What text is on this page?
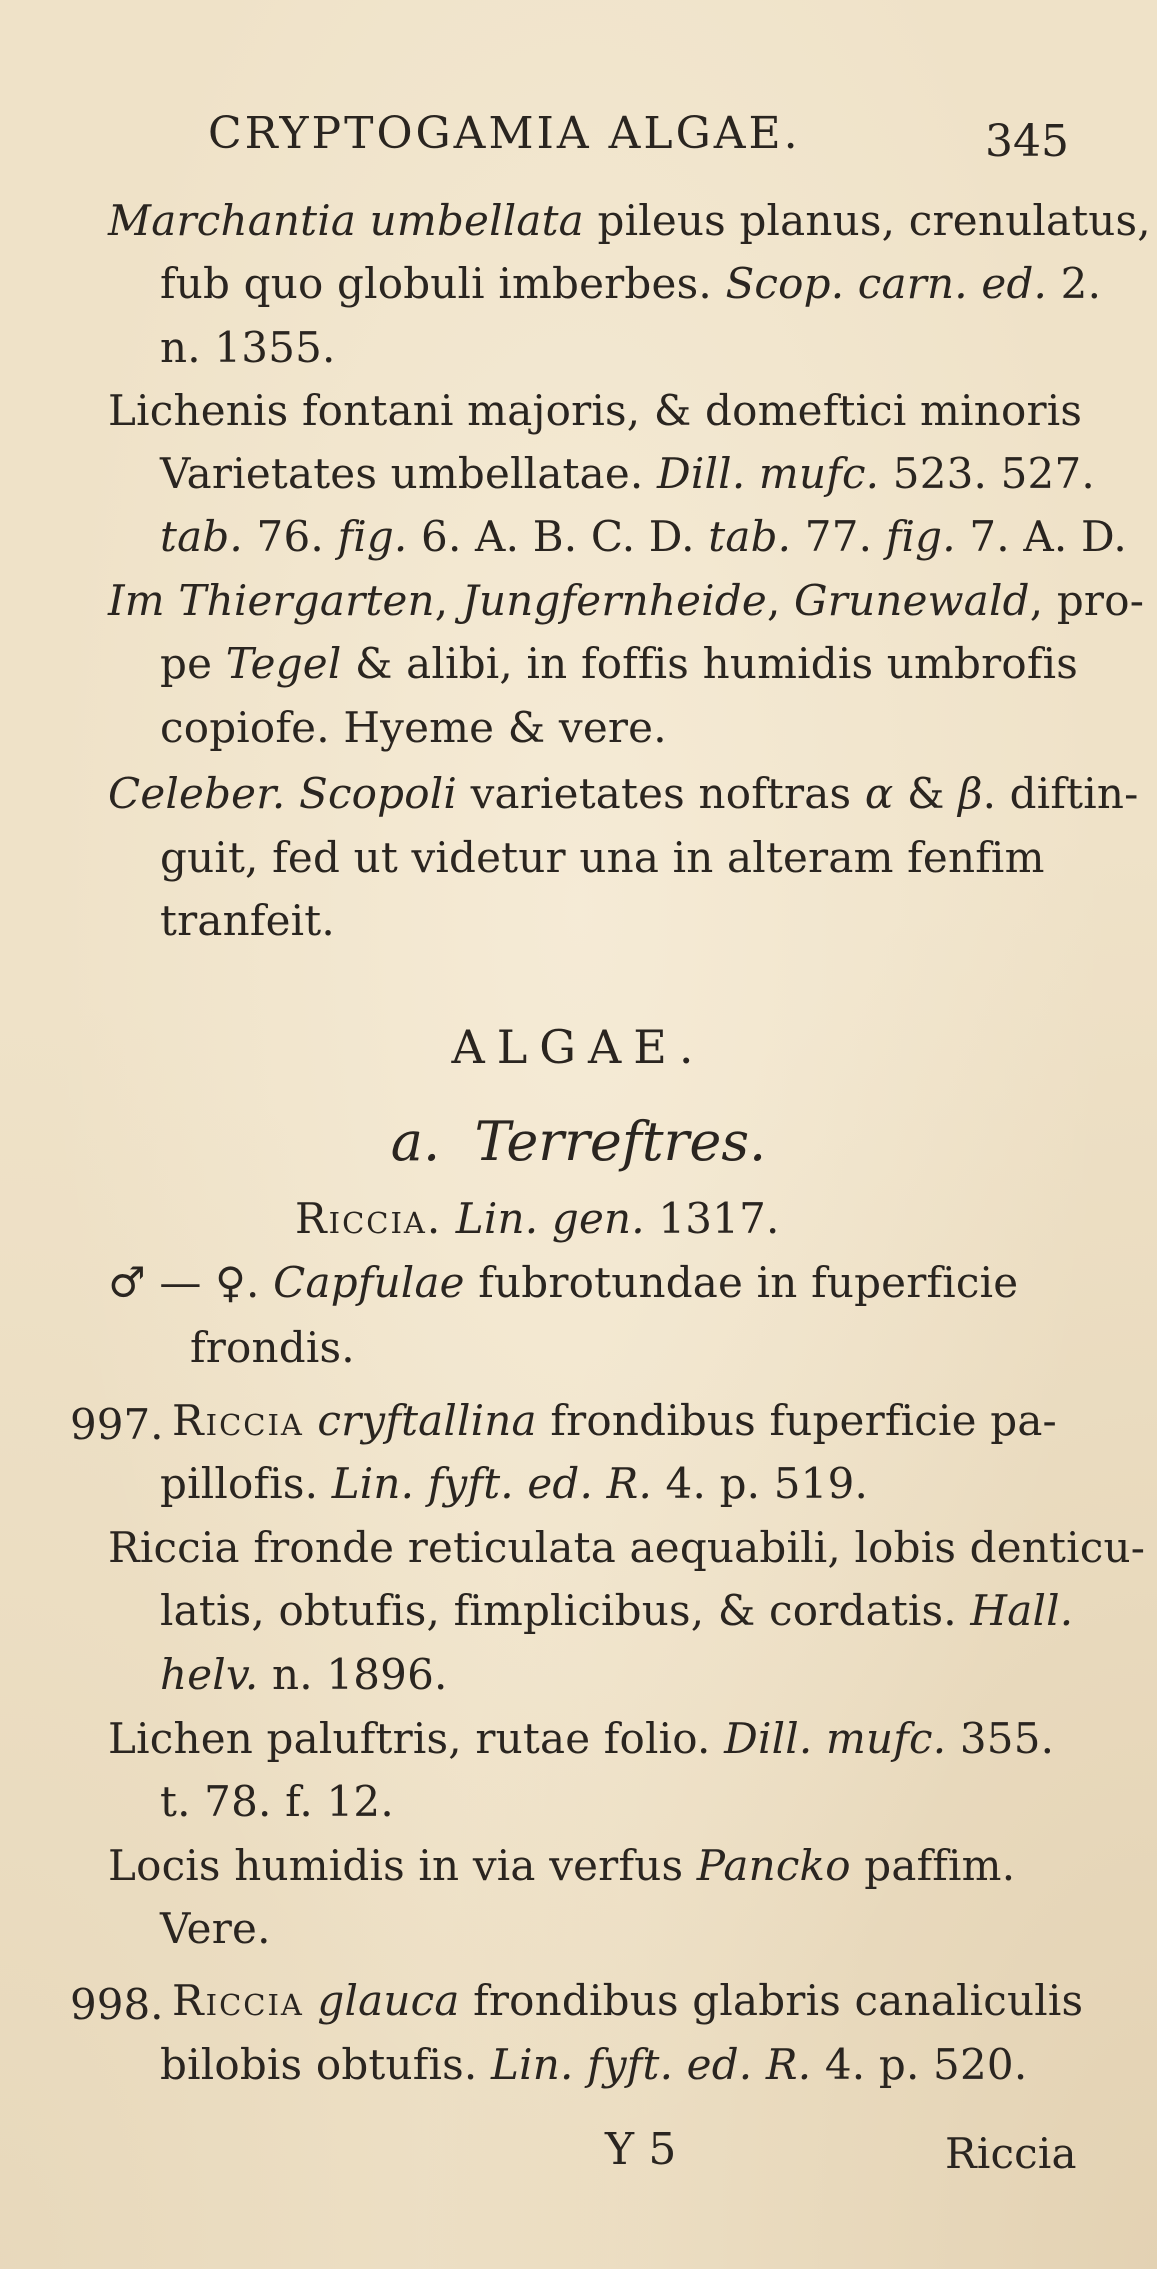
CRYPTOGAMIA ALGAE.	345
Marchantia umbellata pileus planus, crenulatus,
fub quo globuli imberbes. Scop. carn. ed. 2.
n. 1355.
Lichenis fontani majoris, & domeftici minoris
Varietates umbellatae. Dill. mufc. 523. 527.
tab. 76. fig. 6. A. B. C. D. tab. 77. fig. 7. A. D.
Im Thiergarten, Jungfernheide, Grunewald, pro-
pe Tegel & alibi, in foffis humidis umbrofis
copiofe. Hyeme & vere.
Celeber. Scopoli varietates noftras α & β. diftin-
guit, fed ut videtur una in alteram fenfim
tranfeit.
ALGAE.
a. Terreftres.
Riccia. Lin. gen. 1317.
♂ — ♀. Capfulae fubrotundae in fuperficie
frondis.
997. Riccia cryftallina frondibus fuperficie pa-
pillofis. Lin. fyft. ed. R. 4. p. 519.
Riccia fronde reticulata aequabili, lobis denticu-
latis, obtufis, fimplicibus, & cordatis. Hall.
helv. n. 1896.
Lichen paluftris, rutae folio. Dill. mufc. 355.
t. 78. f. 12.
Locis humidis in via verfus Pancko paffim.
Vere.
998. Riccia glauca frondibus glabris canaliculis
bilobis obtufis. Lin. fyft. ed. R. 4. p. 520.
Y 5	Riccia
